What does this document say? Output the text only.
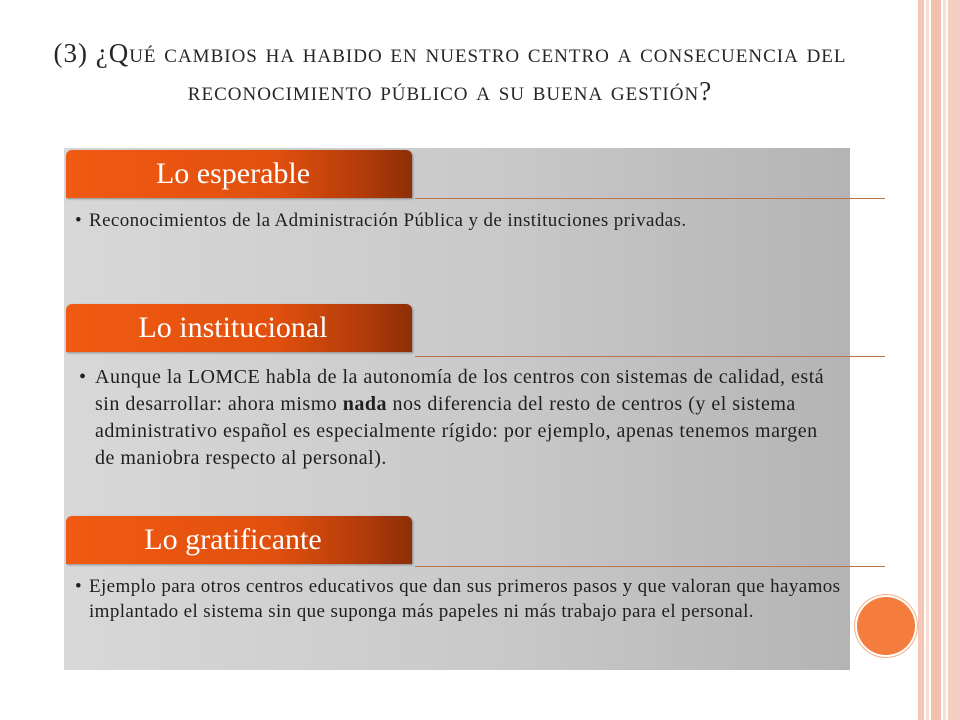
(3) ¿Qué cambios ha habido en nuestro centro a consecuencia del reconocimiento público a su buena gestión?
Lo esperable
• Reconocimientos de la Administración Pública y de instituciones privadas.
Lo institucional
• Aunque la LOMCE habla de la autonomía de los centros con sistemas de calidad, está sin desarrollar: ahora mismo nada nos diferencia del resto de centros (y el sistema administrativo español es especialmente rígido: por ejemplo, apenas tenemos margen de maniobra respecto al personal).
Lo gratificante
• Ejemplo para otros centros educativos que dan sus primeros pasos y que valoran que hayamos implantado el sistema sin que suponga más papeles ni más trabajo para el personal.
